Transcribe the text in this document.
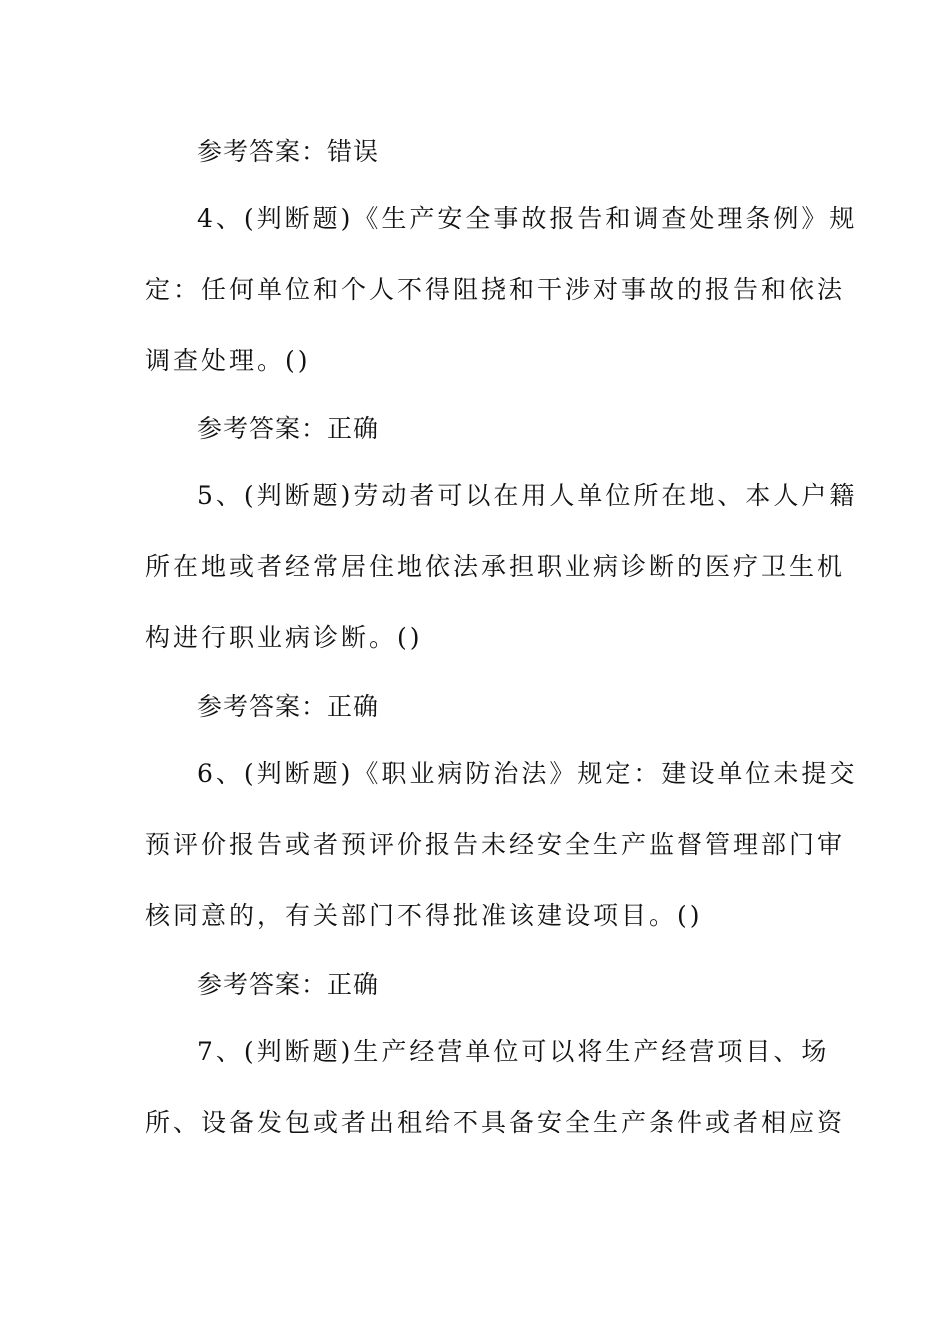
参考答案：错误
4、(判断题)《生产安全事故报告和调查处理条例》规
定：任何单位和个人不得阻挠和干涉对事故的报告和依法
调查处理。()
参考答案：正确
5、(判断题)劳动者可以在用人单位所在地、本人户籍
所在地或者经常居住地依法承担职业病诊断的医疗卫生机
构进行职业病诊断。()
参考答案：正确
6、(判断题)《职业病防治法》规定：建设单位未提交
预评价报告或者预评价报告未经安全生产监督管理部门审
核同意的，有关部门不得批准该建设项目。()
参考答案：正确
7、(判断题)生产经营单位可以将生产经营项目、场
所、设备发包或者出租给不具备安全生产条件或者相应资
